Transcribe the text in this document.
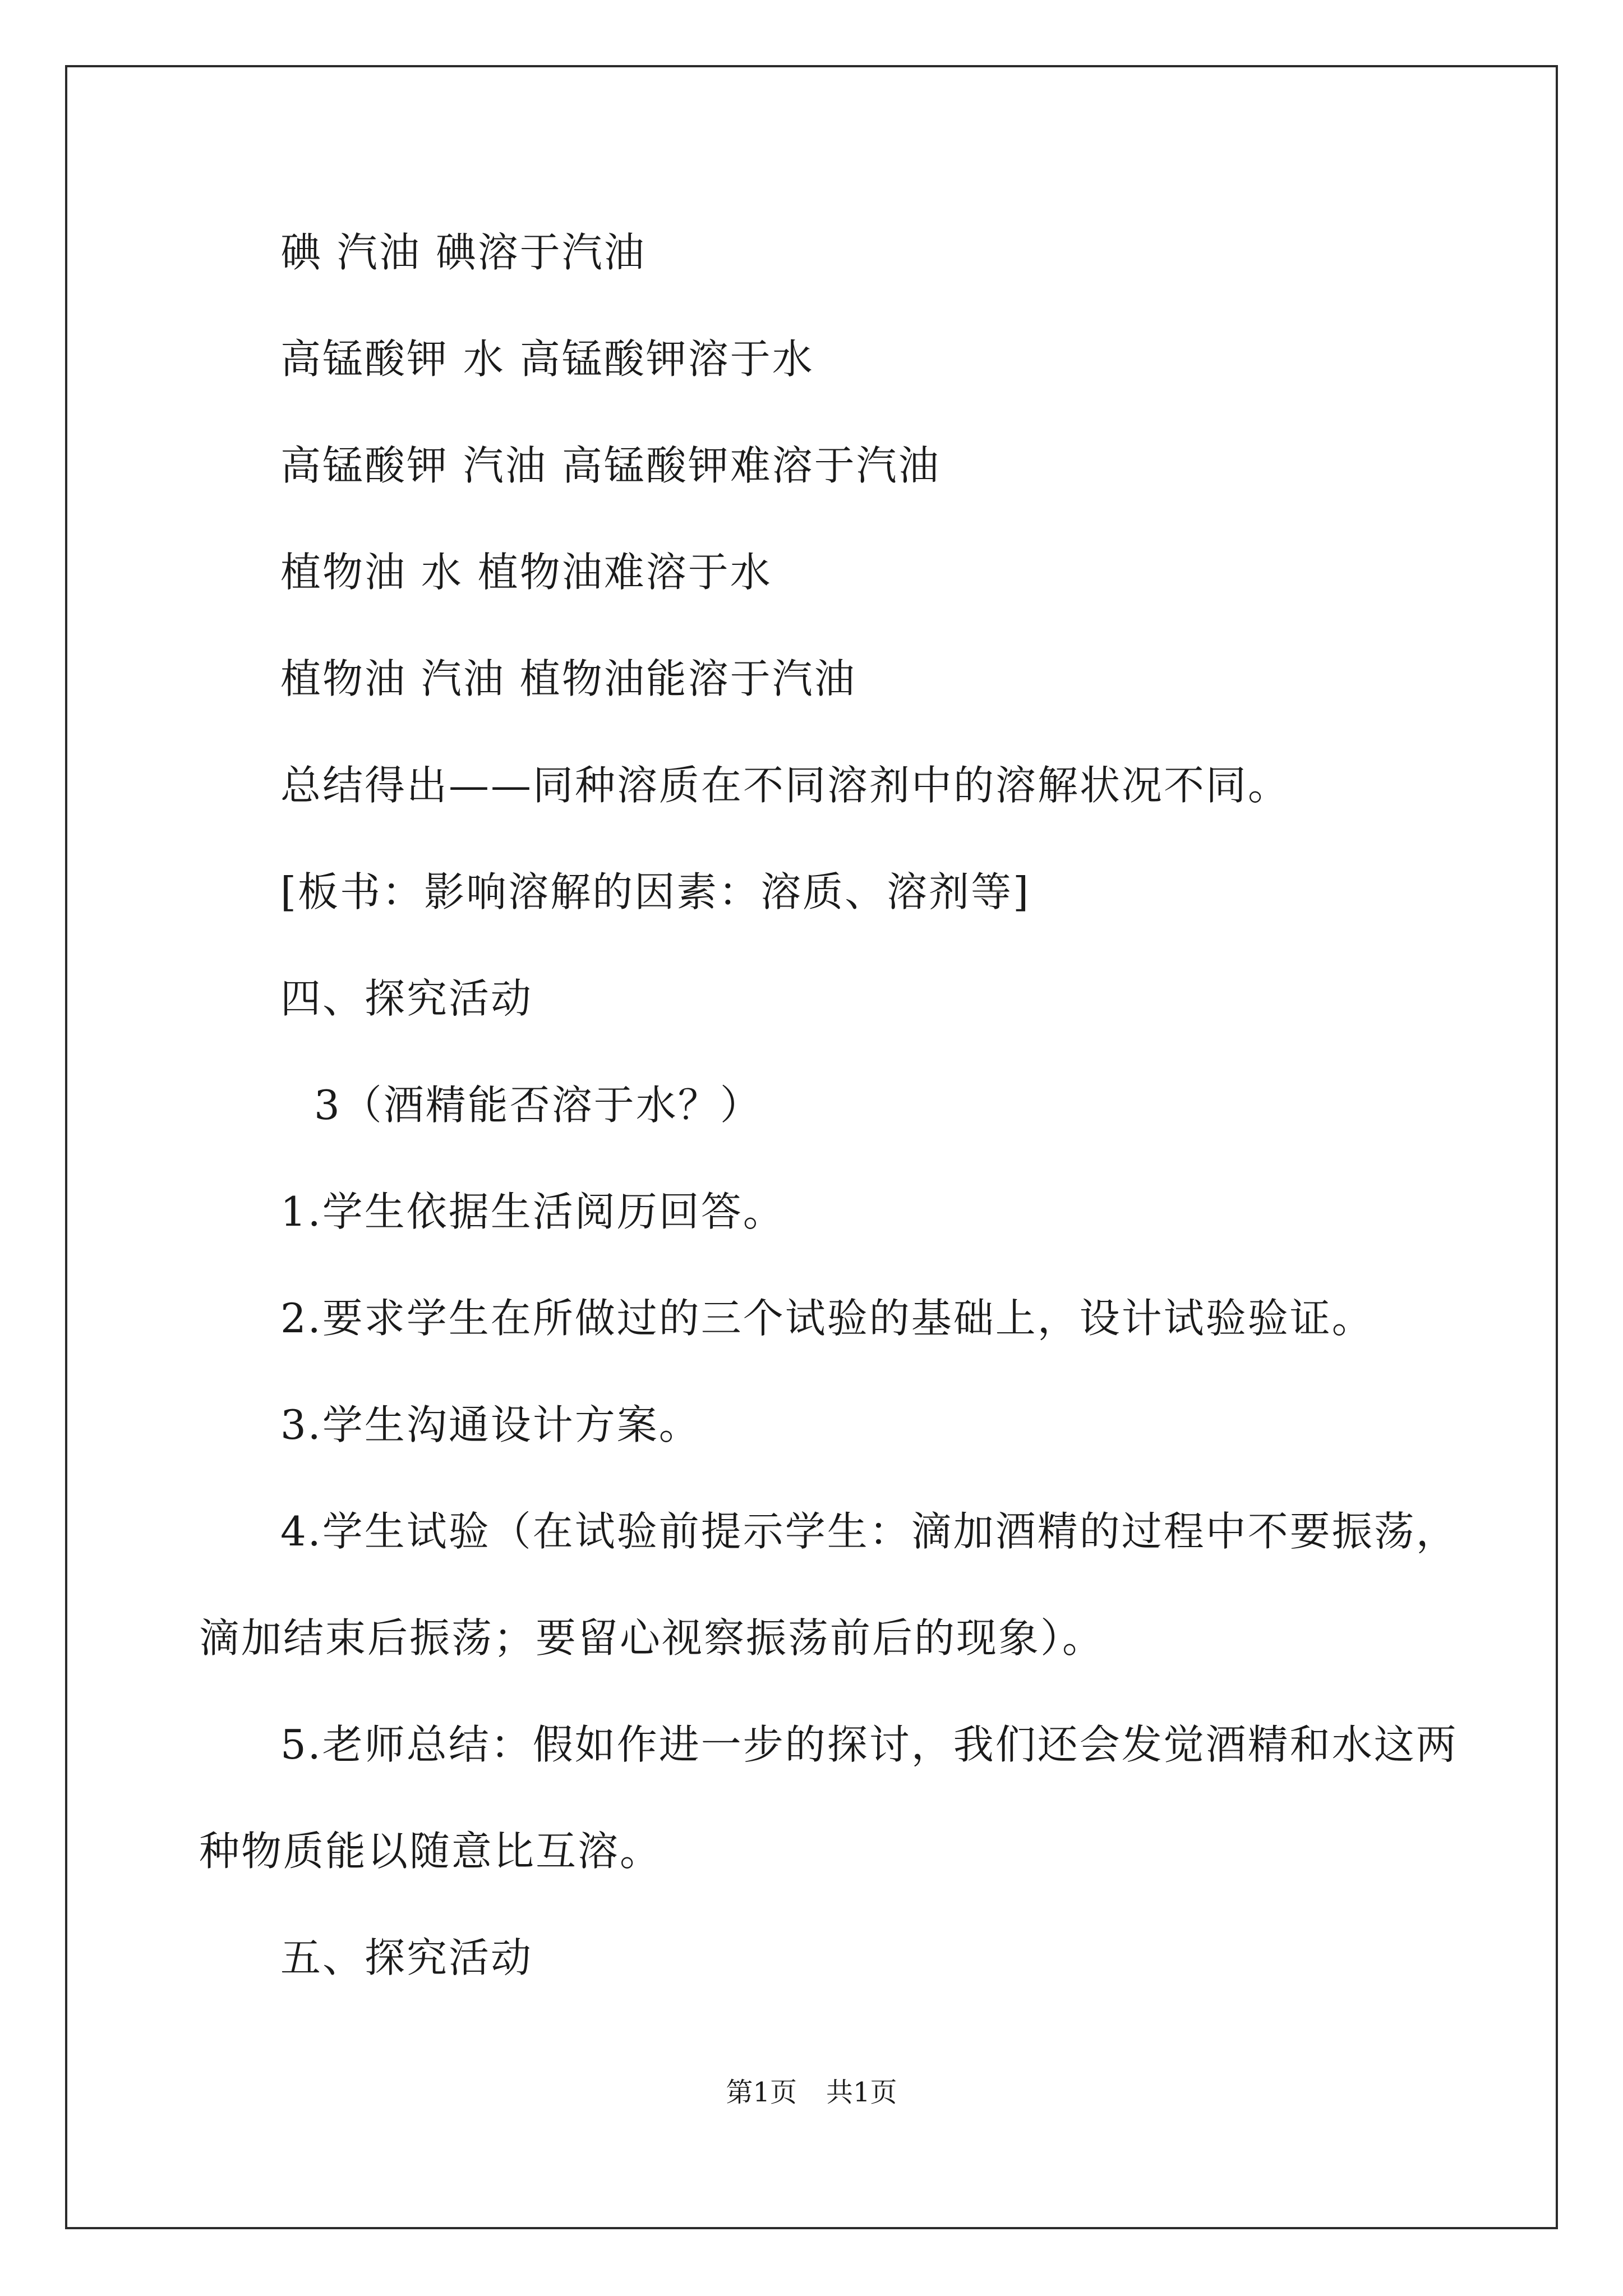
碘 汽油 碘溶于汽油
高锰酸钾 水 高锰酸钾溶于水
高锰酸钾 汽油 高锰酸钾难溶于汽油
植物油 水 植物油难溶于水
植物油 汽油 植物油能溶于汽油
总结得出——同种溶质在不同溶剂中的溶解状况不同。
[板书：影响溶解的因素：溶质、溶剂等]
四、探究活动
3（酒精能否溶于水？）
1.学生依据生活阅历回答。
2.要求学生在所做过的三个试验的基础上，设计试验验证。
3.学生沟通设计方案。
4.学生试验（在试验前提示学生：滴加酒精的过程中不要振荡，
滴加结束后振荡；要留心视察振荡前后的现象）。
5.老师总结：假如作进一步的探讨，我们还会发觉酒精和水这两
种物质能以随意比互溶。
五、探究活动
第1页 共1页
